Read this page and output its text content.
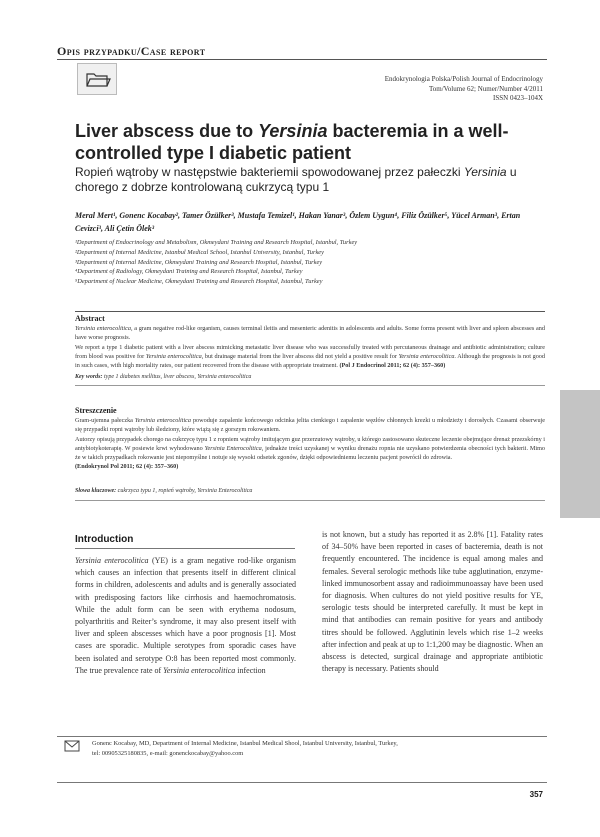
Opis przypadku/Case report
Endokrynologia Polska/Polish Journal of Endocrinology
Tom/Volume 62; Numer/Number 4/2011
ISSN 0423–104X
Liver abscess due to Yersinia bacteremia in a well-controlled type I diabetic patient
Ropień wątroby w następstwie bakteriemii spowodowanej przez pałeczki Yersinia u chorego z dobrze kontrolowaną cukrzycą typu 1
Meral Mert¹, Gonenc Kocabay², Tamer Özülker³, Mustafa Temizel¹, Hakan Yanar³, Özlem Uygun⁴, Filiz Özülker⁵, Yücel Arman³, Ertan Cevizci³, Ali Çetin Ölek³
¹Department of Endocrinology and Metabolism, Okmeydani Training and Research Hospital, Istanbul, Turkey
²Department of Internal Medicine, Istanbul Medical School, Istanbul University, Istanbul, Turkey
³Department of Internal Medicine, Okmeydani Training and Research Hospital, Istanbul, Turkey
⁴Department of Radiology, Okmeydani Training and Research Hospital, Istanbul, Turkey
⁵Department of Nuclear Medicine, Okmeydani Training and Research Hospital, Istanbul, Turkey
Abstract

Yersinia enterocolitica, a gram negative rod-like organism, causes terminal ileitis and mesenteric adenitis in adolescents and adults. Some forms present with liver and spleen abscesses and have worse prognosis.

We report a type 1 diabetic patient with a liver abscess mimicking metastatic liver disease who was successfully treated with percutaneous drainage and antibiotic administration; culture from blood was positive for Yersinia enterocolitica, but drainage material from the liver abscess did not yield a positive result for Yersinia enterocolitica. Although the prognosis is not good in such cases, with high mortality rates, our patient recovered from the disease with appropriate treatment. (Pol J Endocrinol 2011; 62 (4): 357–360)

Key words: type 1 diabetes mellitus, liver abscess, Yersinia enterocolitica
Streszczenie

Gram-ujemna pałeczka Yersinia enterocolitica powoduje zapalenie końcowego odcinka jelita cienkiego i zapalenie węzłów chłonnych krezki u młodzieży i dorosłych. Czasami obserwuje się przypadki ropni wątroby lub śledziony, które wiążą się z gorszym rokowaniem.

Autorzy opisują przypadek chorego na cukrzycę typu 1 z ropniem wątroby imitującym guz przerzutowy wątroby, u którego zastosowano skuteczne leczenie obejmujące drenaż przezskórny i antybiotykoterapię. W posiewie krwi wyhodowano Yersinia Enterocolitica, jednakże treści uzyskanej w wyniku drenażu ropnia nie uzyskano potwierdzenia obecności tych bakterii. Mimo że w takich przypadkach rokowanie jest niepomyślne i notuje się wysoki odsetek zgonów, dzięki odpowiedniemu leczeniu pacjent powrócił do zdrowia.

(Endokrynol Pol 2011; 62 (4): 357–360)

Słowa kluczowe: cukrzyca typu 1, ropień wątroby, Yersinia Enterocolitica
Introduction

Yersinia enterocolitica (YE) is a gram negative rod-like organism which causes an infection that presents itself in different clinical forms in children, adolescents and adults and is generally associated with predisposing factors like cirrhosis and haemochromatosis. While the adult form can be seen with erythema nodosum, polyarthritis and Reiter’s syndrome, it may also present itself with liver and spleen abscesses which have a poor prognosis [1]. Most cases are sporadic. Multiple serotypes from sporadic cases have been isolated and serotype O:8 has been reported most commonly. The true prevalence rate of Yersinia enterocolitica infection

is not known, but a study has reported it as 2.8% [1]. Fatality rates of 34–50% have been reported in cases of bacteremia, death is not frequently encountered. The incidence is equal among males and females. Several serologic methods like tube agglutination, enzyme-linked immunosorbent assay and radioimmunoassay have been used for diagnosis. When cultures do not yield positive results for YE, serologic tests should be interpreted carefully. It must be kept in mind that antibodies can remain positive for years and antibody titres should be followed. Agglutinin levels which rise 1–2 weeks after infection and peak at up to 1:1,200 may be diagnostic. When an abscess is detected, surgical drainage and appropriate antibiotic therapy is necessary. Patients should

Gonenc Kocabay, MD, Department of Internal Medicine, Istanbul Medical Shool, Istanbul University, Istanbul, Turkey,
tel: 00905325180835, e-mail: gonenckocabay@yahoo.com
357
